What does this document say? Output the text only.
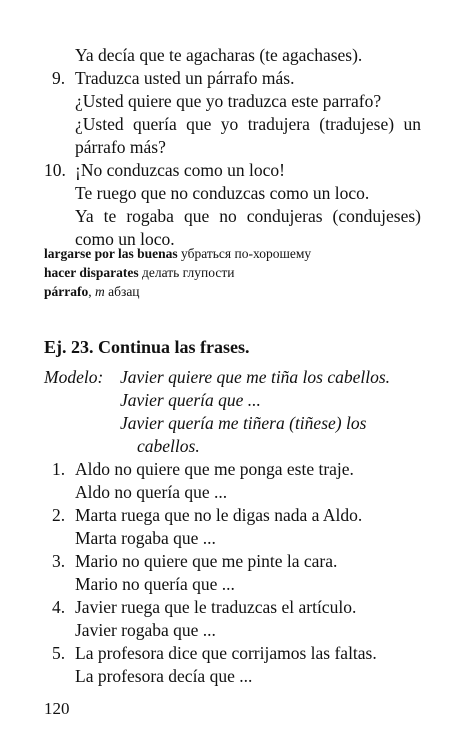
Ya decía que te agacharas (te agachases).
9. Traduzca usted un párrafo más.
¿Usted quiere que yo traduzca este parrafo?
¿Usted quería que yo tradujera (tradujese) un
párrafo más?
10. ¡No conduzcas como un loco!
Te ruego que no conduzcas como un loco.
Ya te rogaba que no condujeras (condujeses)
como un loco.
largarse por las buenas убраться по-хорошему
hacer disparates делать глупости
párrafo, m абзац
Ej. 23. Continua las frases.
Modelo: Javier quiere que me tiña los cabellos.
Javier quería que ...
Javier quería me tiñera (tiñese) los
cabellos.
1. Aldo no quiere que me ponga este traje.
Aldo no quería que ...
2. Marta ruega que no le digas nada a Aldo.
Marta rogaba que ...
3. Mario no quiere que me pinte la cara.
Mario no quería que ...
4. Javier ruega que le traduzcas el artículo.
Javier rogaba que ...
5. La profesora dice que corrijamos las faltas.
La profesora decía que ...
120
